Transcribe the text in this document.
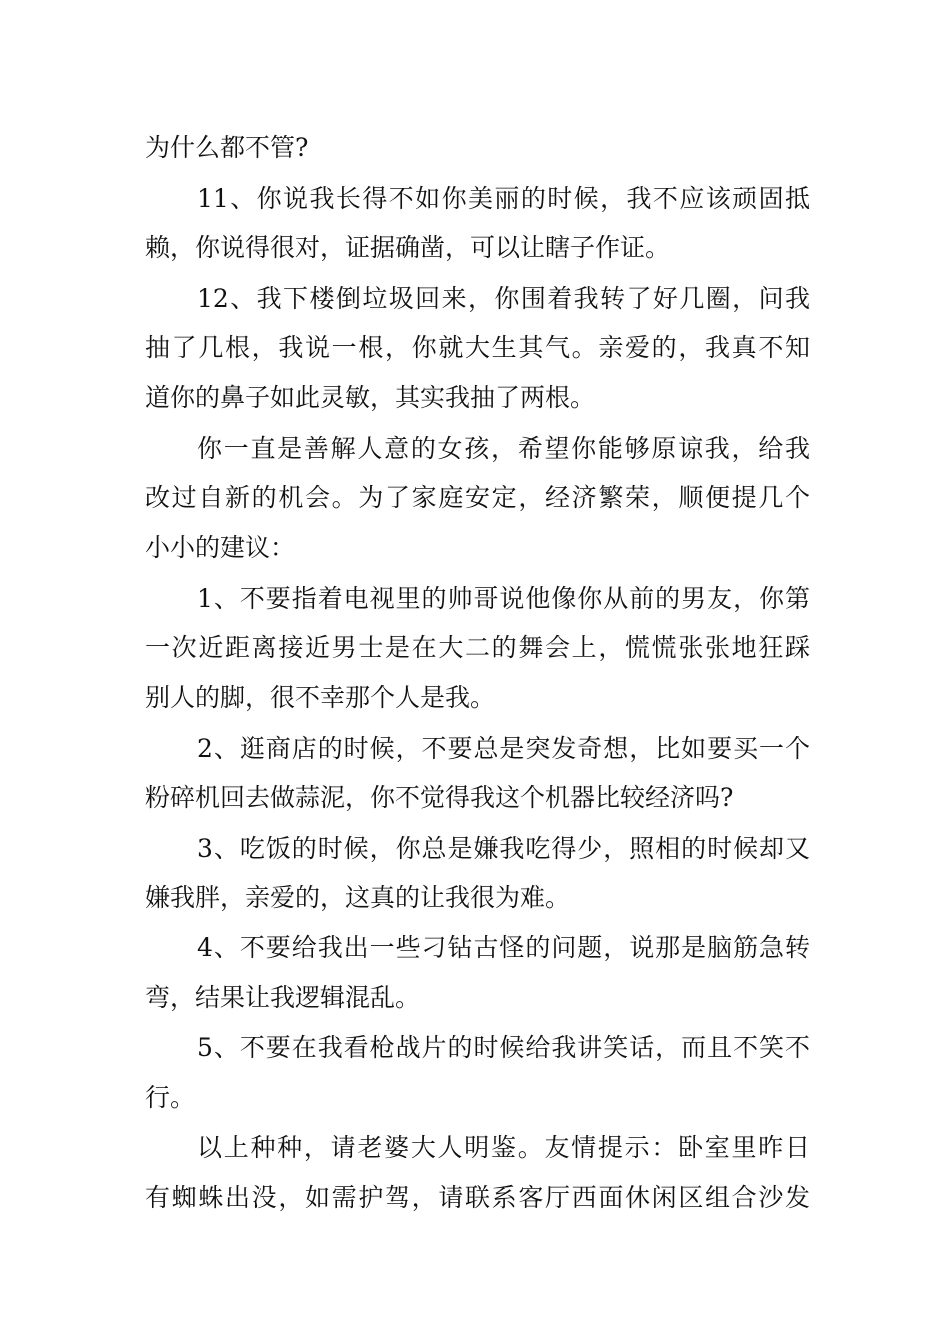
为什么都不管?
11、你说我长得不如你美丽的时候，我不应该顽固抵
赖，你说得很对，证据确凿，可以让瞎子作证。
12、我下楼倒垃圾回来，你围着我转了好几圈，问我
抽了几根，我说一根，你就大生其气。亲爱的，我真不知
道你的鼻子如此灵敏，其实我抽了两根。
你一直是善解人意的女孩，希望你能够原谅我，给我
改过自新的机会。为了家庭安定，经济繁荣，顺便提几个
小小的建议：
1、不要指着电视里的帅哥说他像你从前的男友，你第
一次近距离接近男士是在大二的舞会上，慌慌张张地狂踩
别人的脚，很不幸那个人是我。
2、逛商店的时候，不要总是突发奇想，比如要买一个
粉碎机回去做蒜泥，你不觉得我这个机器比较经济吗?
3、吃饭的时候，你总是嫌我吃得少，照相的时候却又
嫌我胖，亲爱的，这真的让我很为难。
4、不要给我出一些刁钻古怪的问题，说那是脑筋急转
弯，结果让我逻辑混乱。
5、不要在我看枪战片的时候给我讲笑话，而且不笑不
行。
以上种种，请老婆大人明鉴。友情提示：卧室里昨日
有蜘蛛出没，如需护驾，请联系客厅西面休闲区组合沙发
